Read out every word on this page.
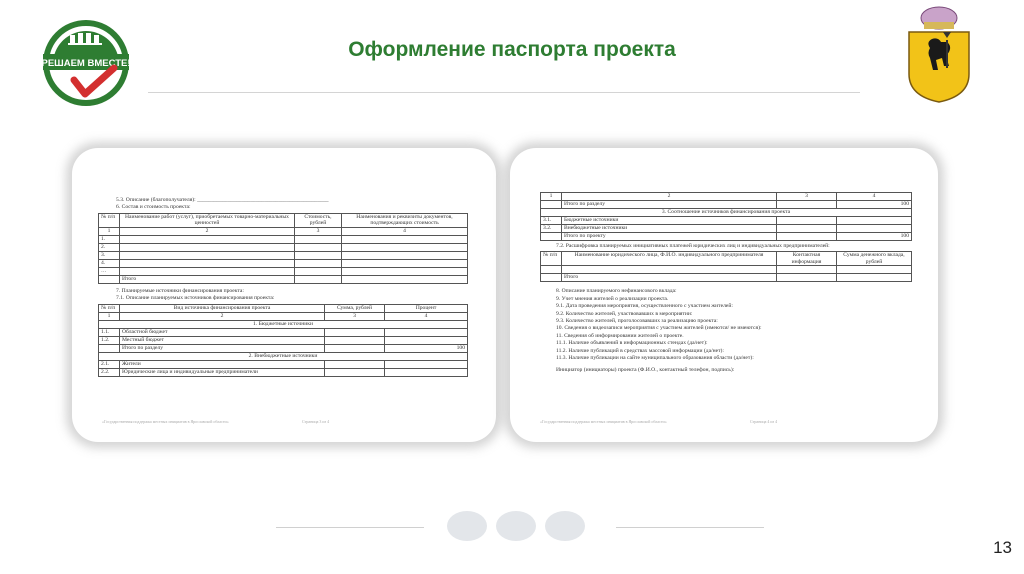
РЕШАЕМ ВМЕСТЕ!
Оформление паспорта проекта
5.3. Описание (благополучателя): _______________________________________________
6. Состав и стоимость проекта:
№ п/п	Наименование работ (услуг), приобретаемых товарно-материальных ценностей	Стоимость, рублей	Наименования и реквизиты документов, подтверждающих стоимость
1	2	3	4
1.			
2.			
3.			
4.			
…			
	Итого		
7. Планируемые источники финансирования проекта:
7.1. Описание планируемых источников финансирования проекта:
№ п/п	Вид источника финансирования проекта	Сумма, рублей	Процент
1	2	3	4
1. Бюджетные источники			
1.1.	Областной бюджет		
1.2.	Местный бюджет		
	Итого по разделу		100
2. Внебюджетные источники			
2.1.	Жители		
2.2.	Юридические лица и индивидуальные предприниматели		
«Государственная поддержка местных инициатив в Ярославской области»	Страница 3 из 4
1	2	3	4
	Итого по разделу		100
3. Соотношение источников финансирования проекта			
3.1.	Бюджетные источники		
3.2.	Внебюджетные источники		
	Итого по проекту		100
7.2. Расшифровка планируемых инициативных платежей юридических лиц и индивидуальных предпринимателей:
№ п/п	Наименование юридического лица, Ф.И.О. индивидуального предпринимателя	Контактная информация	Сумма денежного вклада, рублей

	Итого		
8. Описание планируемого нефинансового вклада:
9. Учет мнения жителей о реализации проекта.
9.1. Дата проведения мероприятия, осуществленного с участием жителей:
9.2. Количество жителей, участвовавших в мероприятии:
9.3. Количество жителей, проголосовавших за реализацию проекта:
10. Сведения о видеозаписи мероприятия с участием жителей (имеются/ не имеются):
11. Сведения об информировании жителей о проекте.
11.1. Наличие объявлений в информационных стендах (да/нет):
11.2. Наличие публикаций в средствах массовой информации (да/нет):
11.3. Наличие публикации на сайте муниципального образования области (да/нет):
Инициатор (инициаторы) проекта (Ф.И.О., контактный телефон, подпись):
«Государственная поддержка местных инициатив в Ярославской области»	Страница 4 из 4
13
